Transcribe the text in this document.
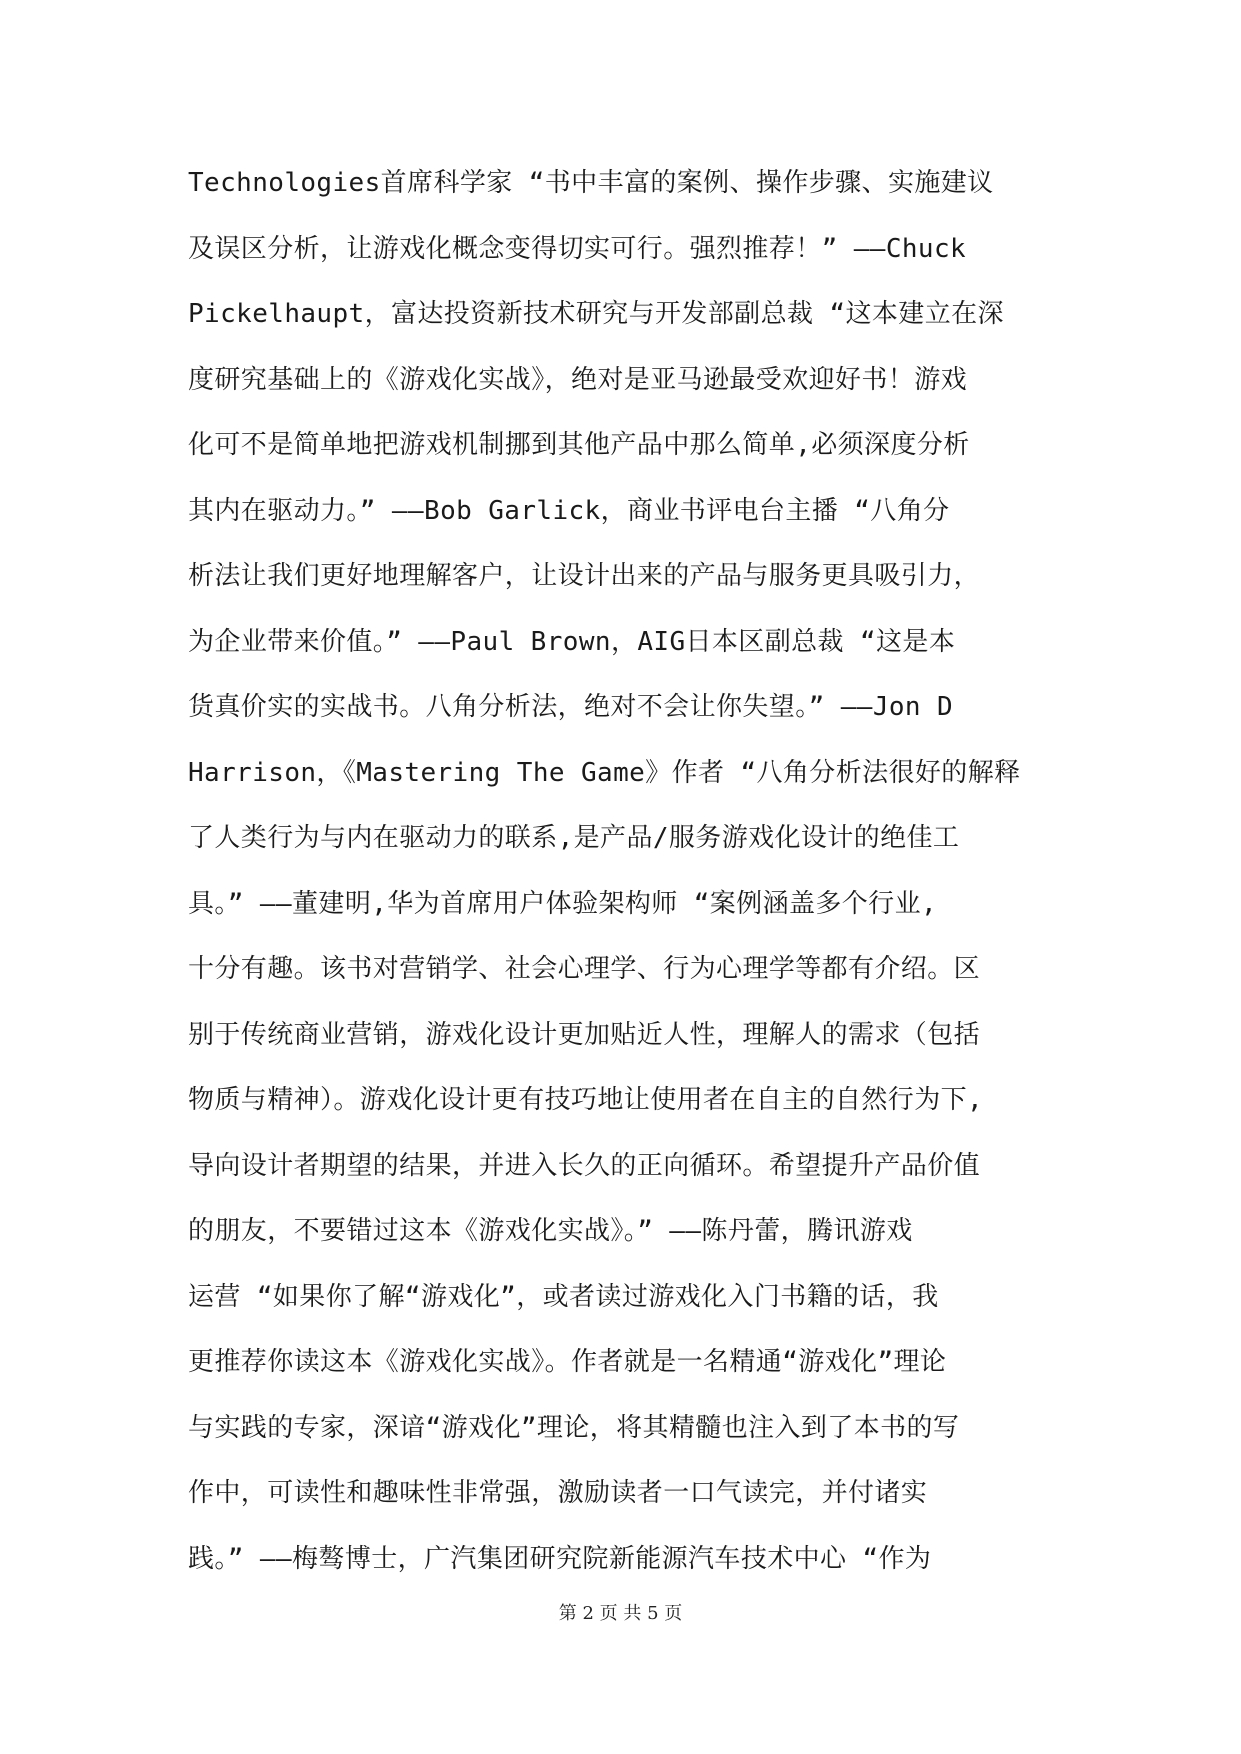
Technologies首席科学家 “书中丰富的案例、操作步骤、实施建议
及误区分析，让游戏化概念变得切实可行。强烈推荐！” ——Chuck
Pickelhaupt，富达投资新技术研究与开发部副总裁 “这本建立在深
度研究基础上的《游戏化实战》，绝对是亚马逊最受欢迎好书！游戏
化可不是简单地把游戏机制挪到其他产品中那么简单,必须深度分析
其内在驱动力。” ——Bob Garlick，商业书评电台主播 “八角分
析法让我们更好地理解客户，让设计出来的产品与服务更具吸引力，
为企业带来价值。” ——Paul Brown，AIG日本区副总裁 “这是本
货真价实的实战书。八角分析法，绝对不会让你失望。” ——Jon D
Harrison，《Mastering The Game》作者 “八角分析法很好的解释
了人类行为与内在驱动力的联系,是产品/服务游戏化设计的绝佳工
具。” ——董建明,华为首席用户体验架构师 “案例涵盖多个行业,
十分有趣。该书对营销学、社会心理学、行为心理学等都有介绍。区
别于传统商业营销，游戏化设计更加贴近人性，理解人的需求（包括
物质与精神）。游戏化设计更有技巧地让使用者在自主的自然行为下,
导向设计者期望的结果，并进入长久的正向循环。希望提升产品价值
的朋友，不要错过这本《游戏化实战》。” ——陈丹蕾，腾讯游戏
运营 “如果你了解“游戏化”，或者读过游戏化入门书籍的话，我
更推荐你读这本《游戏化实战》。作者就是一名精通“游戏化”理论
与实践的专家，深谙“游戏化”理论，将其精髓也注入到了本书的写
作中，可读性和趣味性非常强，激励读者一口气读完，并付诸实
践。” ——梅骜博士，广汽集团研究院新能源汽车技术中心 “作为
第 2 页 共 5 页
